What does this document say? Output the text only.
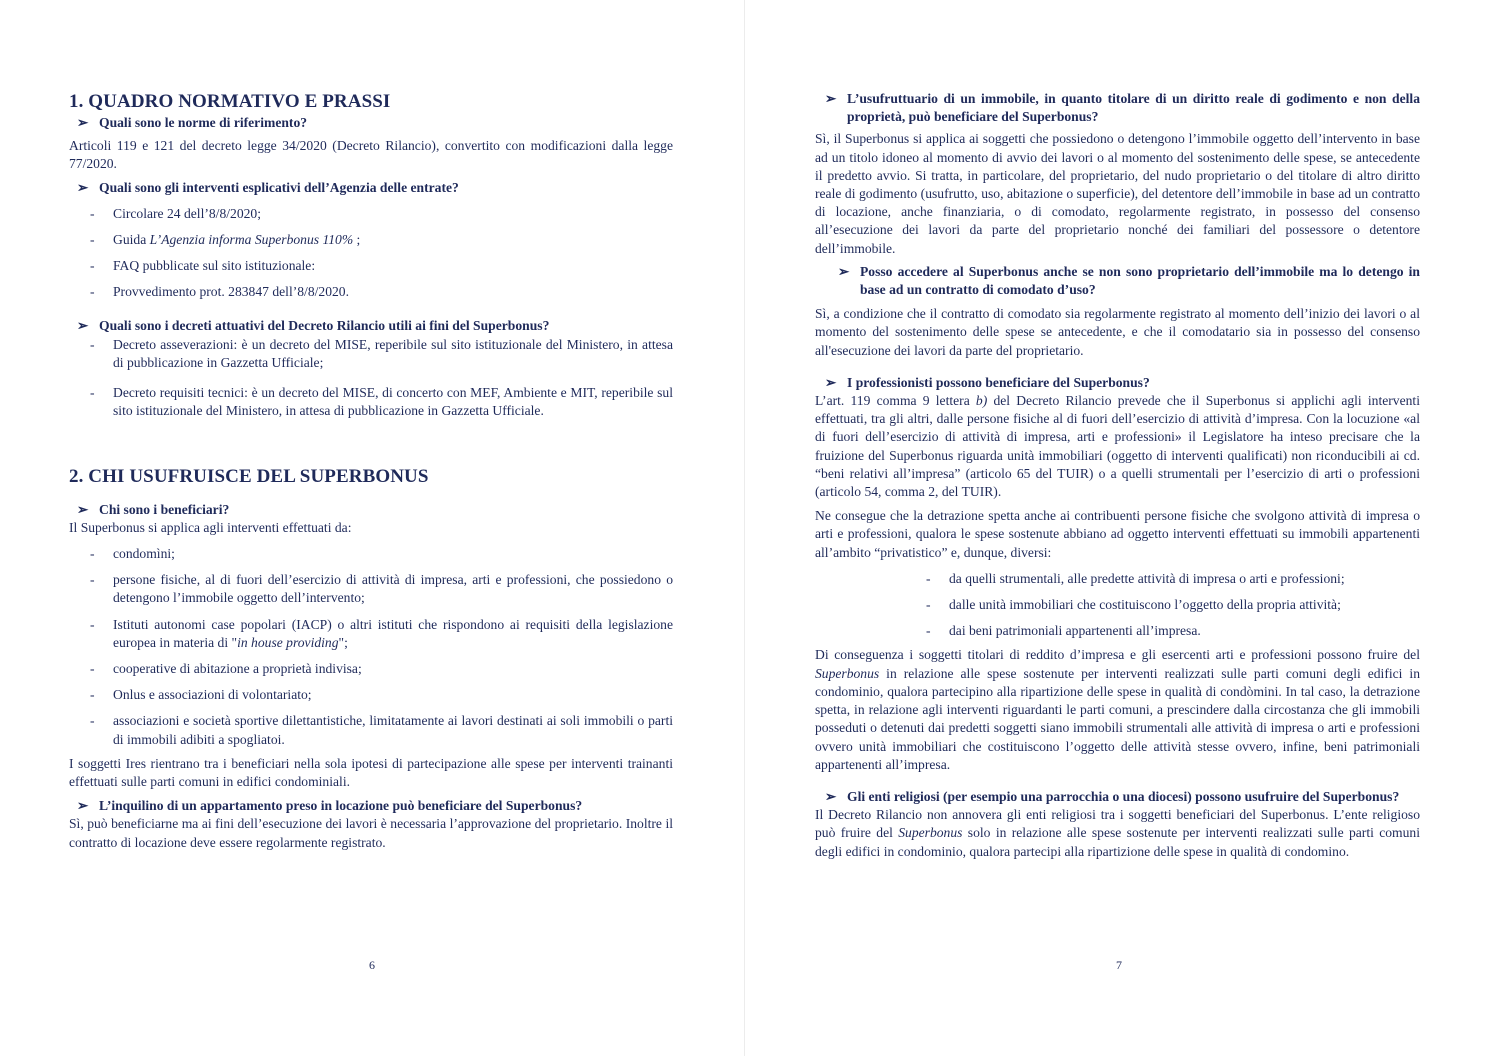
1. QUADRO NORMATIVO E PRASSI
➢ Quali sono le norme di riferimento?

Articoli 119 e 121 del decreto legge 34/2020 (Decreto Rilancio), convertito con modificazioni dalla legge 77/2020.

➢ Quali sono gli interventi esplicativi dell’Agenzia delle entrate?
- Circolare 24 dell’8/8/2020;
- Guida L’Agenzia informa Superbonus 110% ;
- FAQ pubblicate sul sito istituzionale:
- Provvedimento prot. 283847 dell’8/8/2020.
➢ Quali sono i decreti attuativi del Decreto Rilancio utili ai fini del Superbonus?
- Decreto asseverazioni: è un decreto del MISE, reperibile sul sito istituzionale del Ministero, in attesa di pubblicazione in Gazzetta Ufficiale;
- Decreto requisiti tecnici: è un decreto del MISE, di concerto con MEF, Ambiente e MIT, reperibile sul sito istituzionale del Ministero, in attesa di pubblicazione in Gazzetta Ufficiale.
2. CHI USUFRUISCE DEL SUPERBONUS
➢ Chi sono i beneficiari?

Il Superbonus si applica agli interventi effettuati da:

- condomìni;
- persone fisiche, al di fuori dell’esercizio di attività di impresa, arti e professioni, che possiedono o detengono l’immobile oggetto dell’intervento;
- Istituti autonomi case popolari (IACP) o altri istituti che rispondono ai requisiti della legislazione europea in materia di "in house providing";
- cooperative di abitazione a proprietà indivisa;
- Onlus e associazioni di volontariato;
- associazioni e società sportive dilettantistiche, limitatamente ai lavori destinati ai soli immobili o parti di immobili adibiti a spogliatoi.

I soggetti Ires rientrano tra i beneficiari nella sola ipotesi di partecipazione alle spese per interventi trainanti effettuati sulle parti comuni in edifici condominiali.

➢ L’inquilino di un appartamento preso in locazione può beneficiare del Superbonus?

Sì, può beneficiarne ma ai fini dell’esecuzione dei lavori è necessaria l’approvazione del proprietario. Inoltre il contratto di locazione deve essere regolarmente registrato.

6
➢ L’usufruttuario di un immobile, in quanto titolare di un diritto reale di godimento e non della proprietà, può beneficiare del Superbonus?

Sì, il Superbonus si applica ai soggetti che possiedono o detengono l’immobile oggetto dell’intervento in base ad un titolo idoneo al momento di avvio dei lavori o al momento del sostenimento delle spese, se antecedente il predetto avvio. Si tratta, in particolare, del proprietario, del nudo proprietario o del titolare di altro diritto reale di godimento (usufrutto, uso, abitazione o superficie), del detentore dell’immobile in base ad un contratto di locazione, anche finanziaria, o di comodato, regolarmente registrato, in possesso del consenso all’esecuzione dei lavori da parte del proprietario nonché dei familiari del possessore o detentore dell’immobile.

➢ Posso accedere al Superbonus anche se non sono proprietario dell’immobile ma lo detengo in base ad un contratto di comodato d’uso?

Sì, a condizione che il contratto di comodato sia regolarmente registrato al momento dell’inizio dei lavori o al momento del sostenimento delle spese se antecedente, e che il comodatario sia in possesso del consenso all'esecuzione dei lavori da parte del proprietario.

➢ I professionisti possono beneficiare del Superbonus?

L’art. 119 comma 9 lettera b) del Decreto Rilancio prevede che il Superbonus si applichi agli interventi effettuati, tra gli altri, dalle persone fisiche al di fuori dell’esercizio di attività d’impresa. Con la locuzione «al di fuori dell’esercizio di attività di impresa, arti e professioni» il Legislatore ha inteso precisare che la fruizione del Superbonus riguarda unità immobiliari (oggetto di interventi qualificati) non riconducibili ai cd. “beni relativi all’impresa” (articolo 65 del TUIR) o a quelli strumentali per l’esercizio di arti o professioni (articolo 54, comma 2, del TUIR).

Ne consegue che la detrazione spetta anche ai contribuenti persone fisiche che svolgono attività di impresa o arti e professioni, qualora le spese sostenute abbiano ad oggetto interventi effettuati su immobili appartenenti all’ambito “privatistico” e, dunque, diversi:

- da quelli strumentali, alle predette attività di impresa o arti e professioni;
- dalle unità immobiliari che costituiscono l’oggetto della propria attività;
- dai beni patrimoniali appartenenti all’impresa.

Di conseguenza i soggetti titolari di reddito d’impresa e gli esercenti arti e professioni possono fruire del Superbonus in relazione alle spese sostenute per interventi realizzati sulle parti comuni degli edifici in condominio, qualora partecipino alla ripartizione delle spese in qualità di condòmini. In tal caso, la detrazione spetta, in relazione agli interventi riguardanti le parti comuni, a prescindere dalla circostanza che gli immobili posseduti o detenuti dai predetti soggetti siano immobili strumentali alle attività di impresa o arti e professioni ovvero unità immobiliari che costituiscono l’oggetto delle attività stesse ovvero, infine, beni patrimoniali appartenenti all’impresa.

➢ Gli enti religiosi (per esempio una parrocchia o una diocesi) possono usufruire del Superbonus?

Il Decreto Rilancio non annovera gli enti religiosi tra i soggetti beneficiari del Superbonus. L’ente religioso può fruire del Superbonus solo in relazione alle spese sostenute per interventi realizzati sulle parti comuni degli edifici in condominio, qualora partecipi alla ripartizione delle spese in qualità di condomino.

7
